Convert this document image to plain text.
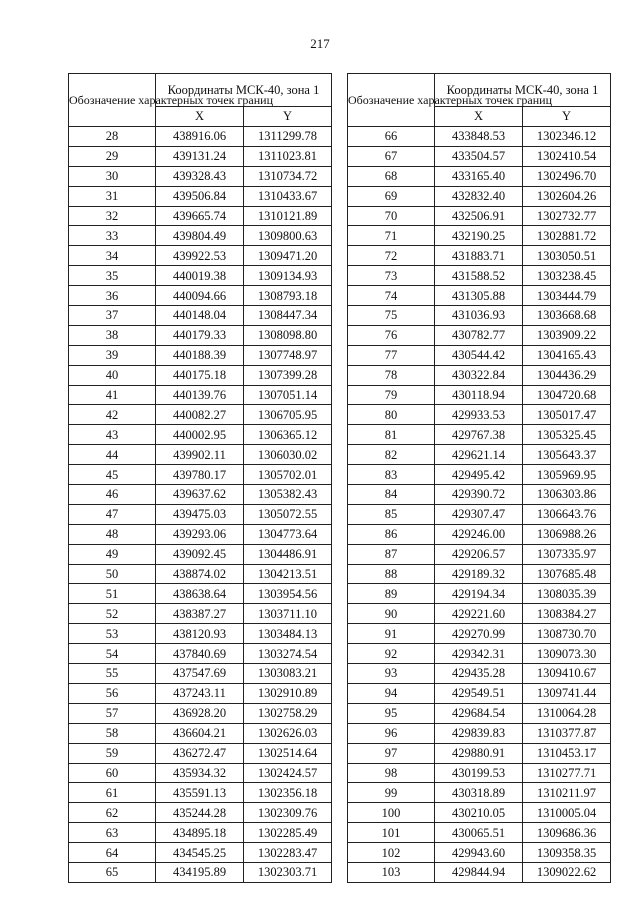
217
Обозначение характерных точек границ	Координаты МСК-40, зона 1	
	X	Y
28	438916.06	1311299.78
29	439131.24	1311023.81
30	439328.43	1310734.72
31	439506.84	1310433.67
32	439665.74	1310121.89
33	439804.49	1309800.63
34	439922.53	1309471.20
35	440019.38	1309134.93
36	440094.66	1308793.18
37	440148.04	1308447.34
38	440179.33	1308098.80
39	440188.39	1307748.97
40	440175.18	1307399.28
41	440139.76	1307051.14
42	440082.27	1306705.95
43	440002.95	1306365.12
44	439902.11	1306030.02
45	439780.17	1305702.01
46	439637.62	1305382.43
47	439475.03	1305072.55
48	439293.06	1304773.64
49	439092.45	1304486.91
50	438874.02	1304213.51
51	438638.64	1303954.56
52	438387.27	1303711.10
53	438120.93	1303484.13
54	437840.69	1303274.54
55	437547.69	1303083.21
56	437243.11	1302910.89
57	436928.20	1302758.29
58	436604.21	1302626.03
59	436272.47	1302514.64
60	435934.32	1302424.57
61	435591.13	1302356.18
62	435244.28	1302309.76
63	434895.18	1302285.49
64	434545.25	1302283.47
65	434195.89	1302303.71
Обозначение характерных точек границ	Координаты МСК-40, зона 1	
	X	Y
66	433848.53	1302346.12
67	433504.57	1302410.54
68	433165.40	1302496.70
69	432832.40	1302604.26
70	432506.91	1302732.77
71	432190.25	1302881.72
72	431883.71	1303050.51
73	431588.52	1303238.45
74	431305.88	1303444.79
75	431036.93	1303668.68
76	430782.77	1303909.22
77	430544.42	1304165.43
78	430322.84	1304436.29
79	430118.94	1304720.68
80	429933.53	1305017.47
81	429767.38	1305325.45
82	429621.14	1305643.37
83	429495.42	1305969.95
84	429390.72	1306303.86
85	429307.47	1306643.76
86	429246.00	1306988.26
87	429206.57	1307335.97
88	429189.32	1307685.48
89	429194.34	1308035.39
90	429221.60	1308384.27
91	429270.99	1308730.70
92	429342.31	1309073.30
93	429435.28	1309410.67
94	429549.51	1309741.44
95	429684.54	1310064.28
96	429839.83	1310377.87
97	429880.91	1310453.17
98	430199.53	1310277.71
99	430318.89	1310211.97
100	430210.05	1310005.04
101	430065.51	1309686.36
102	429943.60	1309358.35
103	429844.94	1309022.62
